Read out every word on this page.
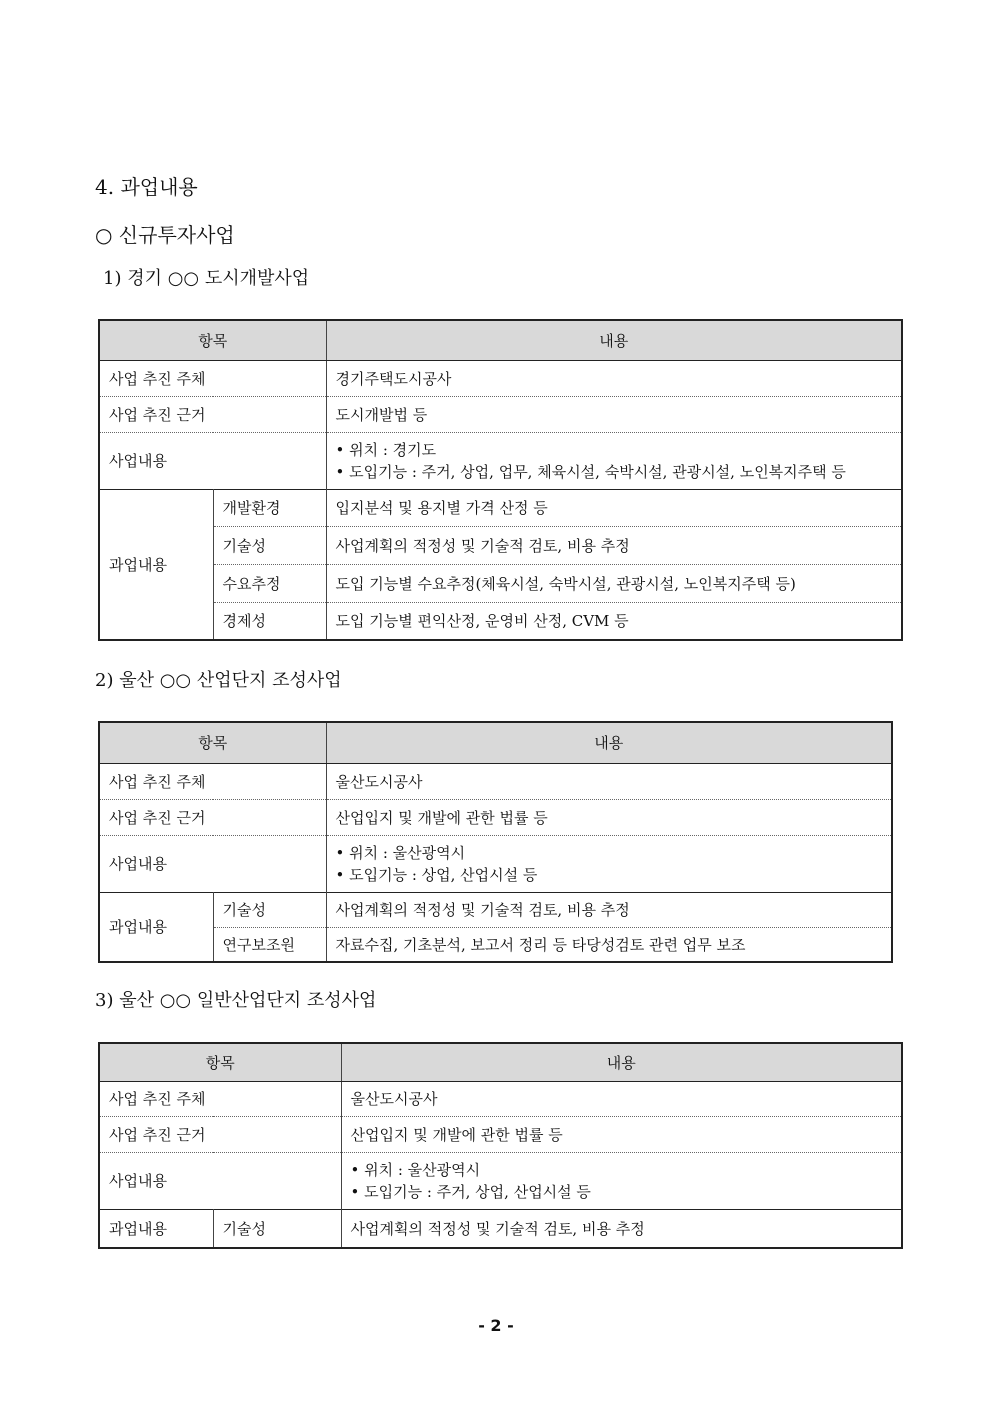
4. 과업내용
○ 신규투자사업
1) 경기 ○○ 도시개발사업
항목		내용
사업 추진 주체		경기주택도시공사
사업 추진 근거		도시개발법 등
사업내용		• 위치 : 경기도
• 도입기능 : 주거, 상업, 업무, 체육시설, 숙박시설, 관광시설, 노인복지주택 등

과업내용	개발환경	입지분석 및 용지별 가격 산정 등
	기술성	사업계획의 적정성 및 기술적 검토, 비용 추정
	수요추정	도입 기능별 수요추정(체육시설, 숙박시설, 관광시설, 노인복지주택 등)
	경제성	도입 기능별 편익산정, 운영비 산정, CVM 등
2) 울산 ○○ 산업단지 조성사업
항목		내용
사업 추진 주체		울산도시공사
사업 추진 근거		산업입지 및 개발에 관한 법률 등
사업내용		• 위치 : 울산광역시
• 도입기능 : 상업, 산업시설 등

과업내용	기술성	사업계획의 적정성 및 기술적 검토, 비용 추정
	연구보조원	자료수집, 기초분석, 보고서 정리 등 타당성검토 관련 업무 보조
3) 울산 ○○ 일반산업단지 조성사업
항목		내용
사업 추진 주체		울산도시공사
사업 추진 근거		산업입지 및 개발에 관한 법률 등
사업내용		• 위치 : 울산광역시
• 도입기능 : 주거, 상업, 산업시설 등

과업내용	기술성	사업계획의 적정성 및 기술적 검토, 비용 추정
- 2 -
